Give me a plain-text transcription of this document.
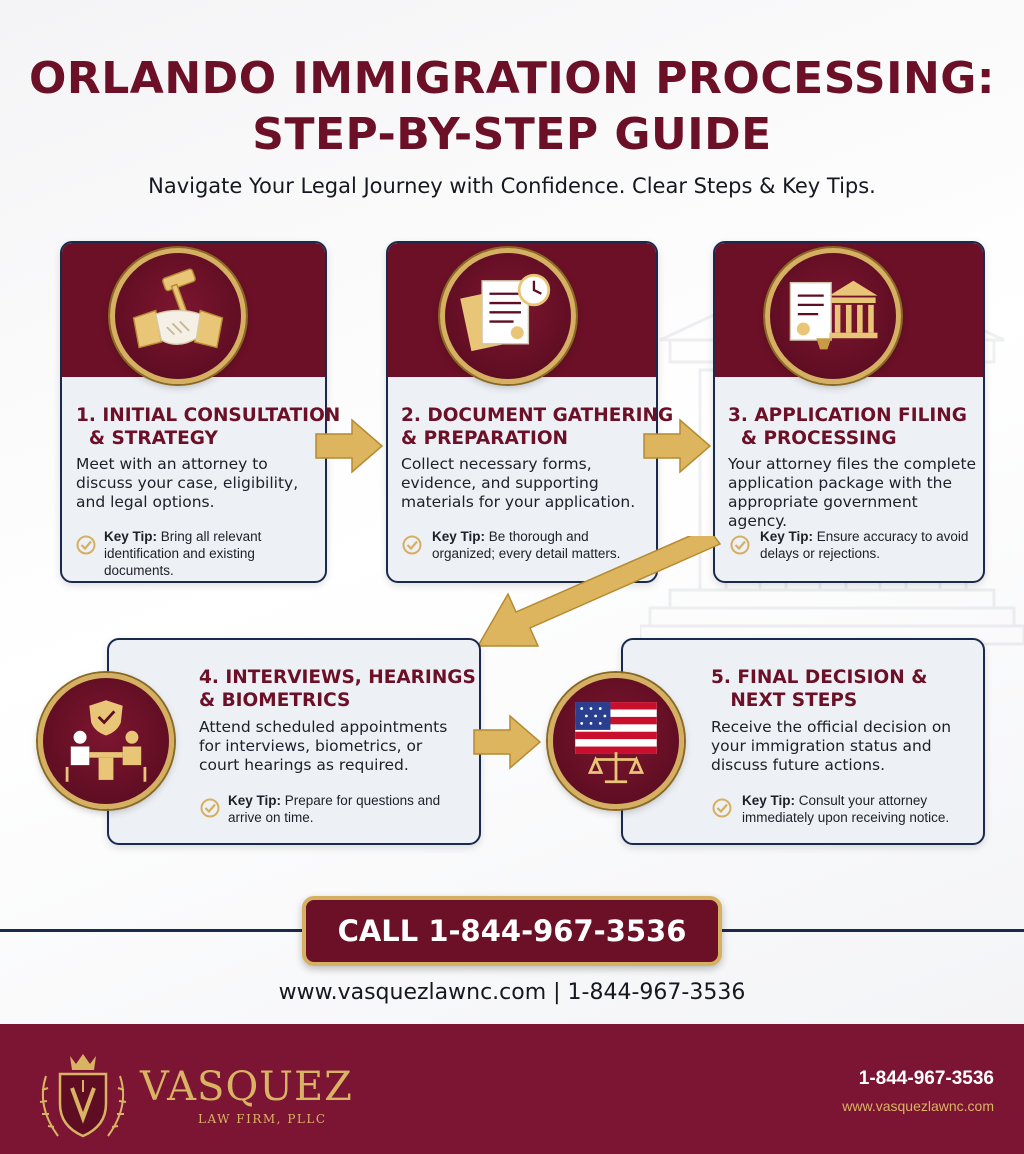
ORLANDO IMMIGRATION PROCESSING:
STEP-BY-STEP GUIDE
Navigate Your Legal Journey with Confidence. Clear Steps & Key Tips.
1. INITIAL CONSULTATION
& STRATEGY
Meet with an attorney to discuss your case, eligibility, and legal options.
Key Tip: Bring all relevant identification and existing documents.
2. DOCUMENT GATHERING
& PREPARATION
Collect necessary forms, evidence, and supporting materials for your application.
Key Tip: Be thorough and organized; every detail matters.
3. APPLICATION FILING
& PROCESSING
Your attorney files the complete application package with the appropriate government agency.
Key Tip: Ensure accuracy to avoid delays or rejections.
4. INTERVIEWS, HEARINGS
& BIOMETRICS
Attend scheduled appointments for interviews, biometrics, or court hearings as required.
Key Tip: Prepare for questions and arrive on time.
5. FINAL DECISION &
NEXT STEPS
Receive the official decision on your immigration status and discuss future actions.
Key Tip: Consult your attorney immediately upon receiving notice.
CALL 1-844-967-3536
www.vasquezlawnc.com | 1-844-967-3536
VASQUEZ
LAW FIRM, PLLC
1-844-967-3536
www.vasquezlawnc.com
